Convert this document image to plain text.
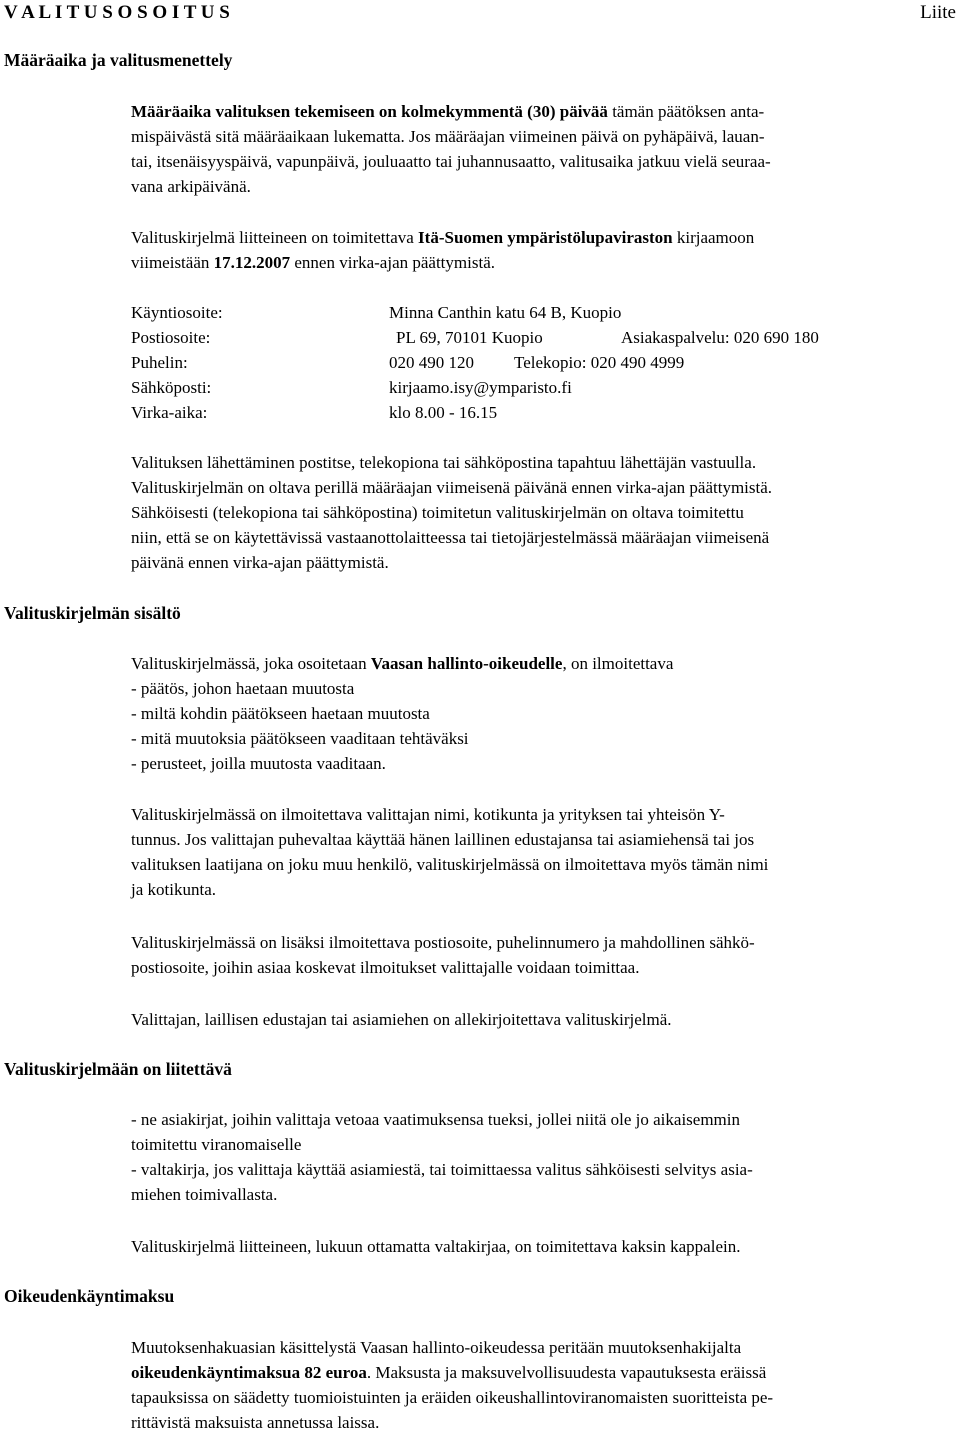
V A L I T U S O S O I T U S	Liite
Määräaika ja valitusmenettely
Määräaika valituksen tekemiseen on kolmekymmentä (30) päivää tämän päätöksen anta-
mispäivästä sitä määräaikaan lukematta. Jos määräajan viimeinen päivä on pyhäpäivä, lauan-
tai, itsenäisyyspäivä, vapunpäivä, jouluaatto tai juhannusaatto, valitusaika jatkuu vielä seuraa-
vana arkipäivänä.
Valituskirjelmä liitteineen on toimitettava Itä-Suomen ympäristölupaviraston kirjaamoon
viimeistään 17.12.2007 ennen virka-ajan päättymistä.
Käyntiosoite:	Minna Canthin katu 64 B, Kuopio
Postiosoite:	PL 69, 70101 Kuopio	Asiakaspalvelu: 020 690 180
Puhelin:	020 490 120 Telekopio: 020 490 4999
Sähköposti:	kirjaamo.isy@ymparisto.fi
Virka-aika:	klo 8.00 - 16.15
Valituksen lähettäminen postitse, telekopiona tai sähköpostina tapahtuu lähettäjän vastuulla.
Valituskirjelmän on oltava perillä määräajan viimeisenä päivänä ennen virka-ajan päättymistä.
Sähköisesti (telekopiona tai sähköpostina) toimitetun valituskirjelmän on oltava toimitettu
niin, että se on käytettävissä vastaanottolaitteessa tai tietojärjestelmässä määräajan viimeisenä
päivänä ennen virka-ajan päättymistä.
Valituskirjelmän sisältö
Valituskirjelmässä, joka osoitetaan Vaasan hallinto-oikeudelle, on ilmoitettava
- päätös, johon haetaan muutosta
- miltä kohdin päätökseen haetaan muutosta
- mitä muutoksia päätökseen vaaditaan tehtäväksi
- perusteet, joilla muutosta vaaditaan.
Valituskirjelmässä on ilmoitettava valittajan nimi, kotikunta ja yrityksen tai yhteisön Y-
tunnus. Jos valittajan puhevaltaa käyttää hänen laillinen edustajansa tai asiamiehensä tai jos
valituksen laatijana on joku muu henkilö, valituskirjelmässä on ilmoitettava myös tämän nimi
ja kotikunta.
Valituskirjelmässä on lisäksi ilmoitettava postiosoite, puhelinnumero ja mahdollinen sähkö-
postiosoite, joihin asiaa koskevat ilmoitukset valittajalle voidaan toimittaa.
Valittajan, laillisen edustajan tai asiamiehen on allekirjoitettava valituskirjelmä.
Valituskirjelmään on liitettävä
- ne asiakirjat, joihin valittaja vetoaa vaatimuksensa tueksi, jollei niitä ole jo aikaisemmin
toimitettu viranomaiselle
- valtakirja, jos valittaja käyttää asiamiestä, tai toimittaessa valitus sähköisesti selvitys asia-
miehen toimivallasta.
Valituskirjelmä liitteineen, lukuun ottamatta valtakirjaa, on toimitettava kaksin kappalein.
Oikeudenkäyntimaksu
Muutoksenhakuasian käsittelystä Vaasan hallinto-oikeudessa peritään muutoksenhakijalta
oikeudenkäyntimaksua 82 euroa. Maksusta ja maksuvelvollisuudesta vapautuksesta eräissä
tapauksissa on säädetty tuomioistuinten ja eräiden oikeushallintoviranomaisten suoritteista pe-
rittävistä maksuista annetussa laissa.
